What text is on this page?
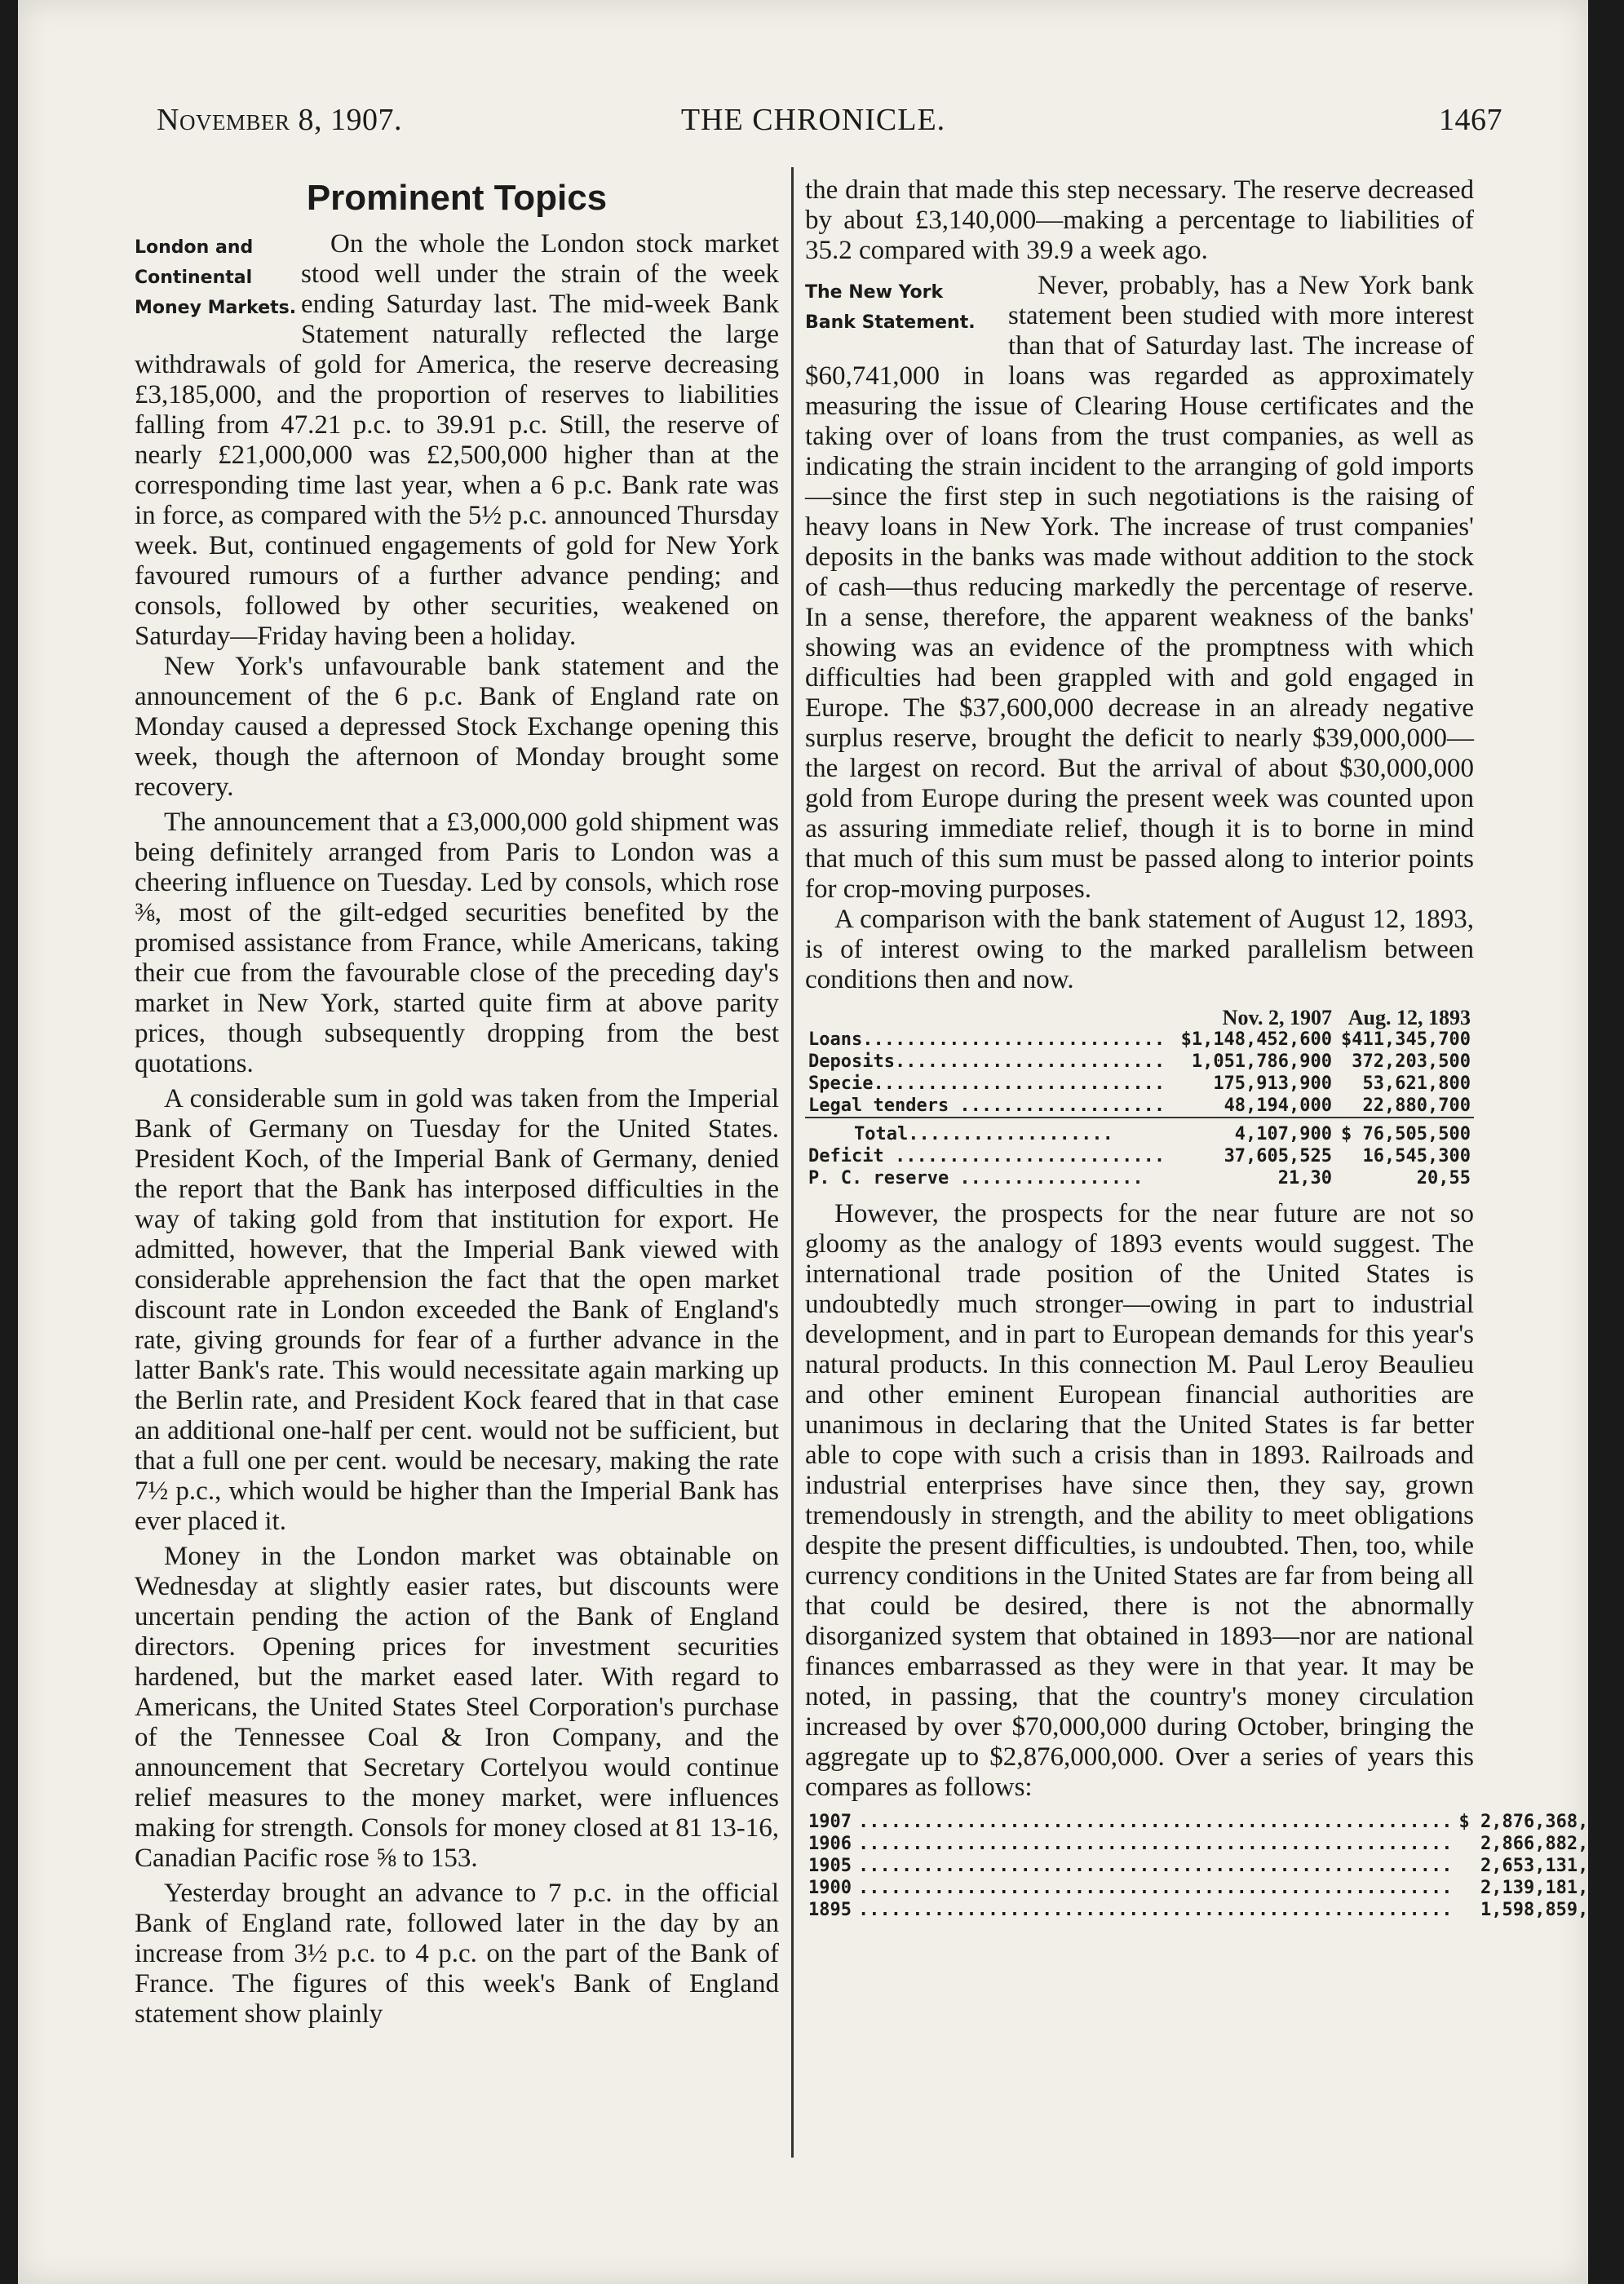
November 8, 1907.	THE CHRONICLE.	1467
Prominent Topics
London and
Continental
Money Markets.

On the whole the London stock market stood well under the strain of the week ending Saturday last. The mid-week Bank Statement naturally reflected the large withdrawals of gold for America, the reserve decreasing £3,185,000, and the proportion of reserves to liabilities falling from 47.21 p.c. to 39.91 p.c. Still, the reserve of nearly £21,000,000 was £2,500,000 higher than at the corresponding time last year, when a 6 p.c. Bank rate was in force, as compared with the 5½ p.c. announced Thursday week. But, continued engagements of gold for New York favoured rumours of a further advance pending; and consols, followed by other securities, weakened on Saturday—Friday having been a holiday.

New York's unfavourable bank statement and the announcement of the 6 p.c. Bank of England rate on Monday caused a depressed Stock Exchange opening this week, though the afternoon of Monday brought some recovery.

The announcement that a £3,000,000 gold shipment was being definitely arranged from Paris to London was a cheering influence on Tuesday. Led by consols, which rose ⅜, most of the gilt-edged securities benefited by the promised assistance from France, while Americans, taking their cue from the favourable close of the preceding day's market in New York, started quite firm at above parity prices, though subsequently dropping from the best quotations.

A considerable sum in gold was taken from the Imperial Bank of Germany on Tuesday for the United States. President Koch, of the Imperial Bank of Germany, denied the report that the Bank has interposed difficulties in the way of taking gold from that institution for export. He admitted, however, that the Imperial Bank viewed with considerable apprehension the fact that the open market discount rate in London exceeded the Bank of England's rate, giving grounds for fear of a further advance in the latter Bank's rate. This would necessitate again marking up the Berlin rate, and President Kock feared that in that case an additional one-half per cent. would not be sufficient, but that a full one per cent. would be necesary, making the rate 7½ p.c., which would be higher than the Imperial Bank has ever placed it.

Money in the London market was obtainable on Wednesday at slightly easier rates, but discounts were uncertain pending the action of the Bank of England directors. Opening prices for investment securities hardened, but the market eased later. With regard to Americans, the United States Steel Corporation's purchase of the Tennessee Coal & Iron Company, and the announcement that Secretary Cortelyou would continue relief measures to the money market, were influences making for strength. Consols for money closed at 81 13-16, Canadian Pacific rose ⅝ to 153.

Yesterday brought an advance to 7 p.c. in the official Bank of England rate, followed later in the day by an increase from 3½ p.c. to 4 p.c. on the part of the Bank of France. The figures of this week's Bank of England statement show plainly

the drain that made this step necessary. The reserve decreased by about £3,140,000—making a percentage to liabilities of 35.2 compared with 39.9 a week ago.

The New York
Bank Statement.

Never, probably, has a New York bank statement been studied with more interest than that of Saturday last. The increase of $60,741,000 in loans was regarded as approximately measuring the issue of Clearing House certificates and the taking over of loans from the trust companies, as well as indicating the strain incident to the arranging of gold imports—since the first step in such negotiations is the raising of heavy loans in New York. The increase of trust companies' deposits in the banks was made without addition to the stock of cash—thus reducing markedly the percentage of reserve. In a sense, therefore, the apparent weakness of the banks' showing was an evidence of the promptness with which difficulties had been grappled with and gold engaged in Europe. The $37,600,000 decrease in an already negative surplus reserve, brought the deficit to nearly $39,000,000—the largest on record. But the arrival of about $30,000,000 gold from Europe during the present week was counted upon as assuring immediate relief, though it is to borne in mind that much of this sum must be passed along to interior points for crop-moving purposes.

A comparison with the bank statement of August 12, 1893, is of interest owing to the marked parallelism between conditions then and now.

	Nov. 2, 1907	Aug. 12, 1893
Loans............................	$1,148,452,600	$411,345,700
Deposits.........................	1,051,786,900	372,203,500
Specie...........................	175,913,900	53,621,800
Legal tenders ...................	48,194,000	22,880,700

Total...................	4,107,900	$ 76,505,500
Deficit .........................	37,605,525	16,545,300
P. C. reserve .................	21,30	20,55

However, the prospects for the near future are not so gloomy as the analogy of 1893 events would suggest. The international trade position of the United States is undoubtedly much stronger—owing in part to industrial development, and in part to European demands for this year's natural products. In this connection M. Paul Leroy Beaulieu and other eminent European financial authorities are unanimous in declaring that the United States is far better able to cope with such a crisis than in 1893. Railroads and industrial enterprises have since then, they say, grown tremendously in strength, and the ability to meet obligations despite the present difficulties, is undoubted. Then, too, while currency conditions in the United States are far from being all that could be desired, there is not the abnormally disorganized system that obtained in 1893—nor are national finances embarrassed as they were in that year. It may be noted, in passing, that the country's money circulation increased by over $70,000,000 during October, bringing the aggregate up to $2,876,000,000. Over a series of years this compares as follows:

1907	.......................................................	$ 2,876,368,606
1906	.......................................................	2,866,882,776
1905	.......................................................	2,653,131,518
1900	.......................................................	2,139,181,412
1895	.......................................................	1,598,859,368
